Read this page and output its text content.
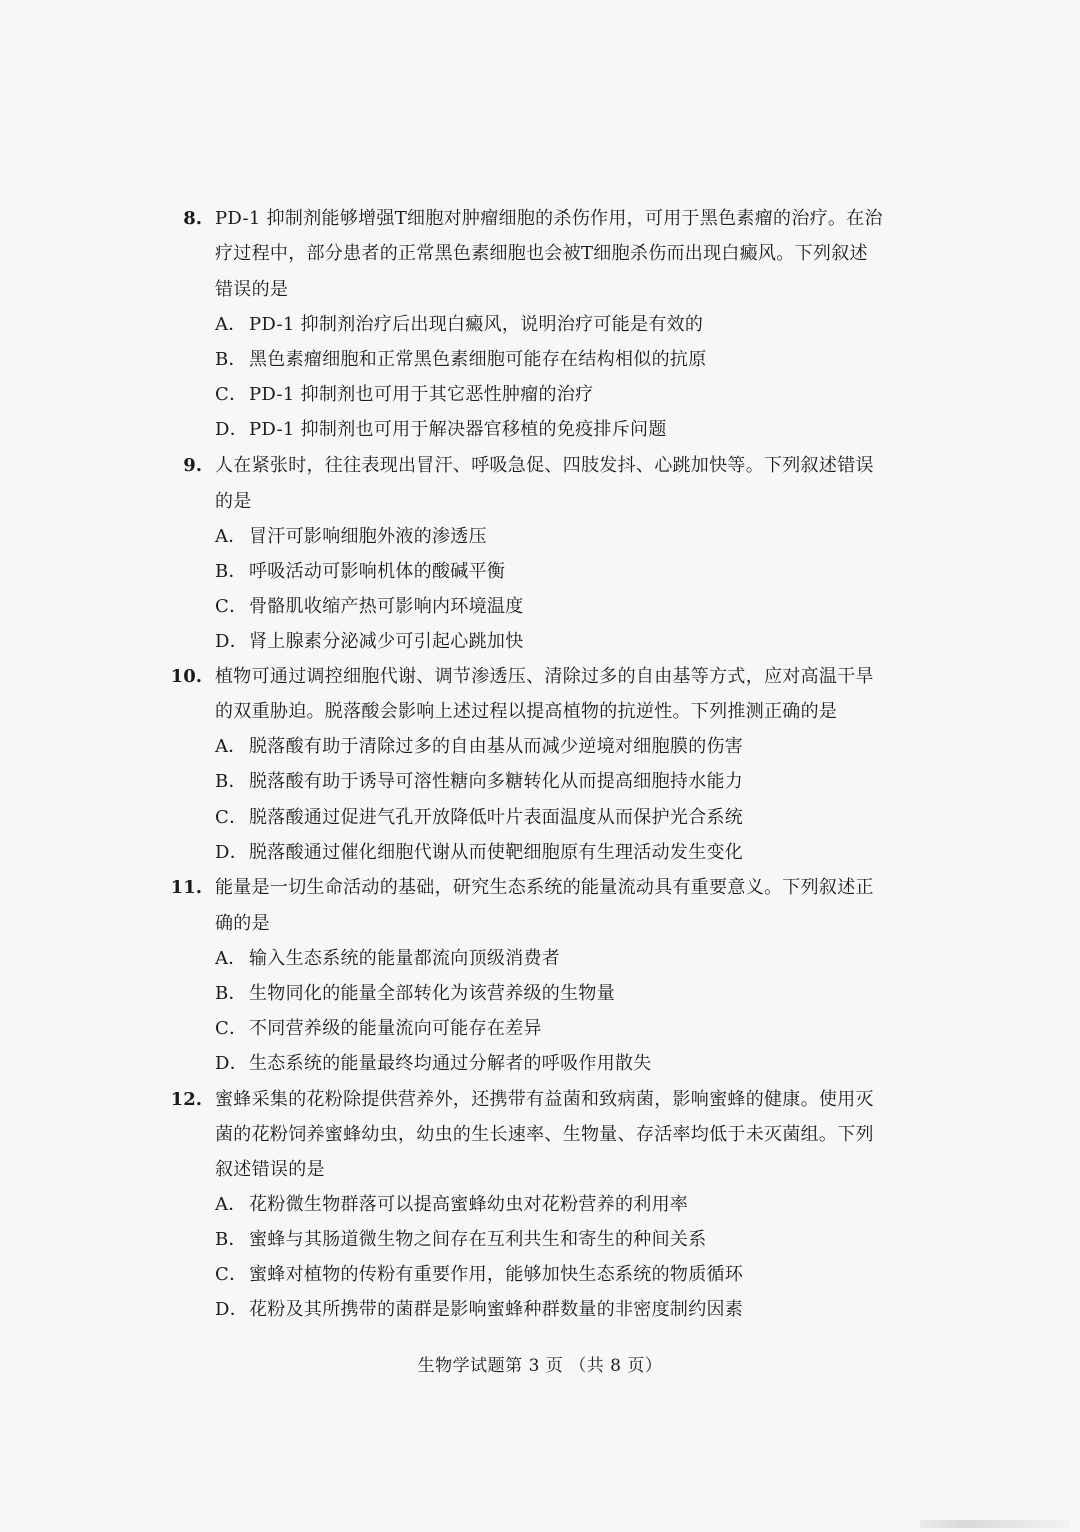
8. PD-1 抑制剂能够增强T细胞对肿瘤细胞的杀伤作用，可用于黑色素瘤的治疗。在治
疗过程中，部分患者的正常黑色素细胞也会被T细胞杀伤而出现白癜风。下列叙述
错误的是
A． PD-1 抑制剂治疗后出现白癜风，说明治疗可能是有效的
B． 黑色素瘤细胞和正常黑色素细胞可能存在结构相似的抗原
C．PD-1 抑制剂也可用于其它恶性肿瘤的治疗
D．PD-1 抑制剂也可用于解决器官移植的免疫排斥问题
9. 人在紧张时，往往表现出冒汗、呼吸急促、四肢发抖、心跳加快等。下列叙述错误
的是
A． 冒汗可影响细胞外液的渗透压
B． 呼吸活动可影响机体的酸碱平衡
C．骨骼肌收缩产热可影响内环境温度
D．肾上腺素分泌减少可引起心跳加快
10. 植物可通过调控细胞代谢、调节渗透压、清除过多的自由基等方式，应对高温干旱
的双重胁迫。脱落酸会影响上述过程以提高植物的抗逆性。下列推测正确的是
A． 脱落酸有助于清除过多的自由基从而减少逆境对细胞膜的伤害
B． 脱落酸有助于诱导可溶性糖向多糖转化从而提高细胞持水能力
C．脱落酸通过促进气孔开放降低叶片表面温度从而保护光合系统
D．脱落酸通过催化细胞代谢从而使靶细胞原有生理活动发生变化
11. 能量是一切生命活动的基础，研究生态系统的能量流动具有重要意义。下列叙述正
确的是
A． 输入生态系统的能量都流向顶级消费者
B． 生物同化的能量全部转化为该营养级的生物量
C．不同营养级的能量流向可能存在差异
D．生态系统的能量最终均通过分解者的呼吸作用散失
12. 蜜蜂采集的花粉除提供营养外，还携带有益菌和致病菌，影响蜜蜂的健康。使用灭
菌的花粉饲养蜜蜂幼虫，幼虫的生长速率、生物量、存活率均低于未灭菌组。下列
叙述错误的是
A． 花粉微生物群落可以提高蜜蜂幼虫对花粉营养的利用率
B． 蜜蜂与其肠道微生物之间存在互利共生和寄生的种间关系
C．蜜蜂对植物的传粉有重要作用，能够加快生态系统的物质循环
D．花粉及其所携带的菌群是影响蜜蜂种群数量的非密度制约因素
生物学试题第 3 页 （共 8 页）
